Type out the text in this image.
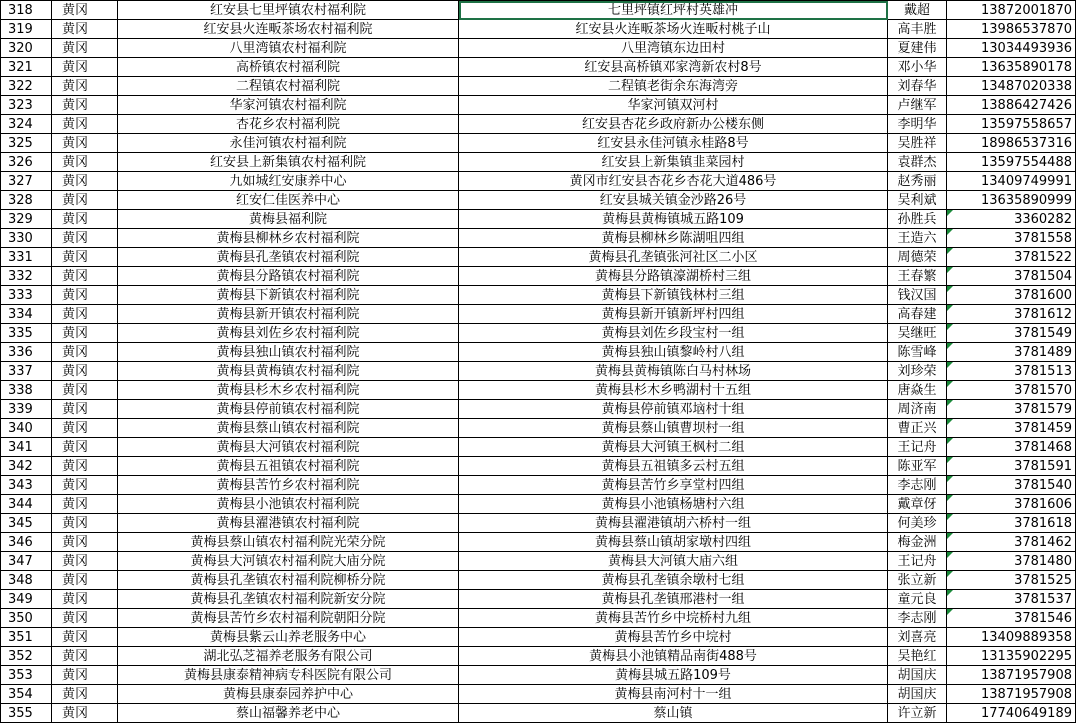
318	黄冈	红安县七里坪镇农村福利院	七里坪镇红坪村英雄冲	戴超	13872001870
319	黄冈	红安县火连畈茶场农村福利院	红安县火连畈茶场火连畈村桃子山	高丰胜	13986537870
320	黄冈	八里湾镇农村福利院	八里湾镇东边田村	夏建伟	13034493936
321	黄冈	高桥镇农村福利院	红安县高桥镇邓家湾新农村8号	邓小华	13635890178
322	黄冈	二程镇农村福利院	二程镇老街余东海湾旁	刘春华	13487020338
323	黄冈	华家河镇农村福利院	华家河镇双河村	卢继军	13886427426
324	黄冈	杏花乡农村福利院	红安县杏花乡政府新办公楼东侧	李明华	13597558657
325	黄冈	永佳河镇农村福利院	红安县永佳河镇永桂路8号	吴胜祥	18986537316
326	黄冈	红安县上新集镇农村福利院	红安县上新集镇韭菜园村	袁群杰	13597554488
327	黄冈	九如城红安康养中心	黄冈市红安县杏花乡杏花大道486号	赵秀丽	13409749991
328	黄冈	红安仁佳医养中心	红安县城关镇金沙路26号	吴利斌	13635890999
329	黄冈	黄梅县福利院	黄梅县黄梅镇城五路109	孙胜兵	3360282
330	黄冈	黄梅县柳林乡农村福利院	黄梅县柳林乡陈湖咀四组	王造六	3781558
331	黄冈	黄梅县孔垄镇农村福利院	黄梅县孔垄镇张河社区二小区	周德荣	3781522
332	黄冈	黄梅县分路镇农村福利院	黄梅县分路镇濠湖桥村三组	王春繁	3781504
333	黄冈	黄梅县下新镇农村福利院	黄梅县下新镇钱林村三组	钱汉国	3781600
334	黄冈	黄梅县新开镇农村福利院	黄梅县新开镇新坪村四组	高春建	3781612
335	黄冈	黄梅县刘佐乡农村福利院	黄梅县刘佐乡段宝村一组	吴继旺	3781549
336	黄冈	黄梅县独山镇农村福利院	黄梅县独山镇黎岭村八组	陈雪峰	3781489
337	黄冈	黄梅县黄梅镇农村福利院	黄梅县黄梅镇陈白马村林场	刘珍荣	3781513
338	黄冈	黄梅县杉木乡农村福利院	黄梅县杉木乡鸭湖村十五组	唐焱生	3781570
339	黄冈	黄梅县停前镇农村福利院	黄梅县停前镇邓垴村十组	周济南	3781579
340	黄冈	黄梅县蔡山镇农村福利院	黄梅县蔡山镇曹坝村一组	曹正兴	3781459
341	黄冈	黄梅县大河镇农村福利院	黄梅县大河镇王枫村二组	王记舟	3781468
342	黄冈	黄梅县五祖镇农村福利院	黄梅县五祖镇多云村五组	陈亚军	3781591
343	黄冈	黄梅县苦竹乡农村福利院	黄梅县苦竹乡享堂村四组	李志刚	3781540
344	黄冈	黄梅县小池镇农村福利院	黄梅县小池镇杨塘村六组	戴章伢	3781606
345	黄冈	黄梅县濯港镇农村福利院	黄梅县濯港镇胡六桥村一组	何美珍	3781618
346	黄冈	黄梅县蔡山镇农村福利院光荣分院	黄梅县蔡山镇胡家墩村四组	梅金洲	3781462
347	黄冈	黄梅县大河镇农村福利院大庙分院	黄梅县大河镇大庙六组	王记舟	3781480
348	黄冈	黄梅县孔垄镇农村福利院柳桥分院	黄梅县孔垄镇余墩村七组	张立新	3781525
349	黄冈	黄梅县孔垄镇农村福利院新安分院	黄梅县孔垄镇邢港村一组	童元良	3781537
350	黄冈	黄梅县苦竹乡农村福利院朝阳分院	黄梅县苦竹乡中垸桥村九组	李志刚	3781546
351	黄冈	黄梅县紫云山养老服务中心	黄梅县苦竹乡中垸村	刘喜亮	13409889358
352	黄冈	湖北弘芝福养老服务有限公司	黄梅县小池镇精品南街488号	吴艳红	13135902295
353	黄冈	黄梅县康泰精神病专科医院有限公司	黄梅县城五路109号	胡国庆	13871957908
354	黄冈	黄梅县康泰园养护中心	黄梅县南河村十一组	胡国庆	13871957908
355	黄冈	蔡山福馨养老中心	蔡山镇	许立新	17740649189
